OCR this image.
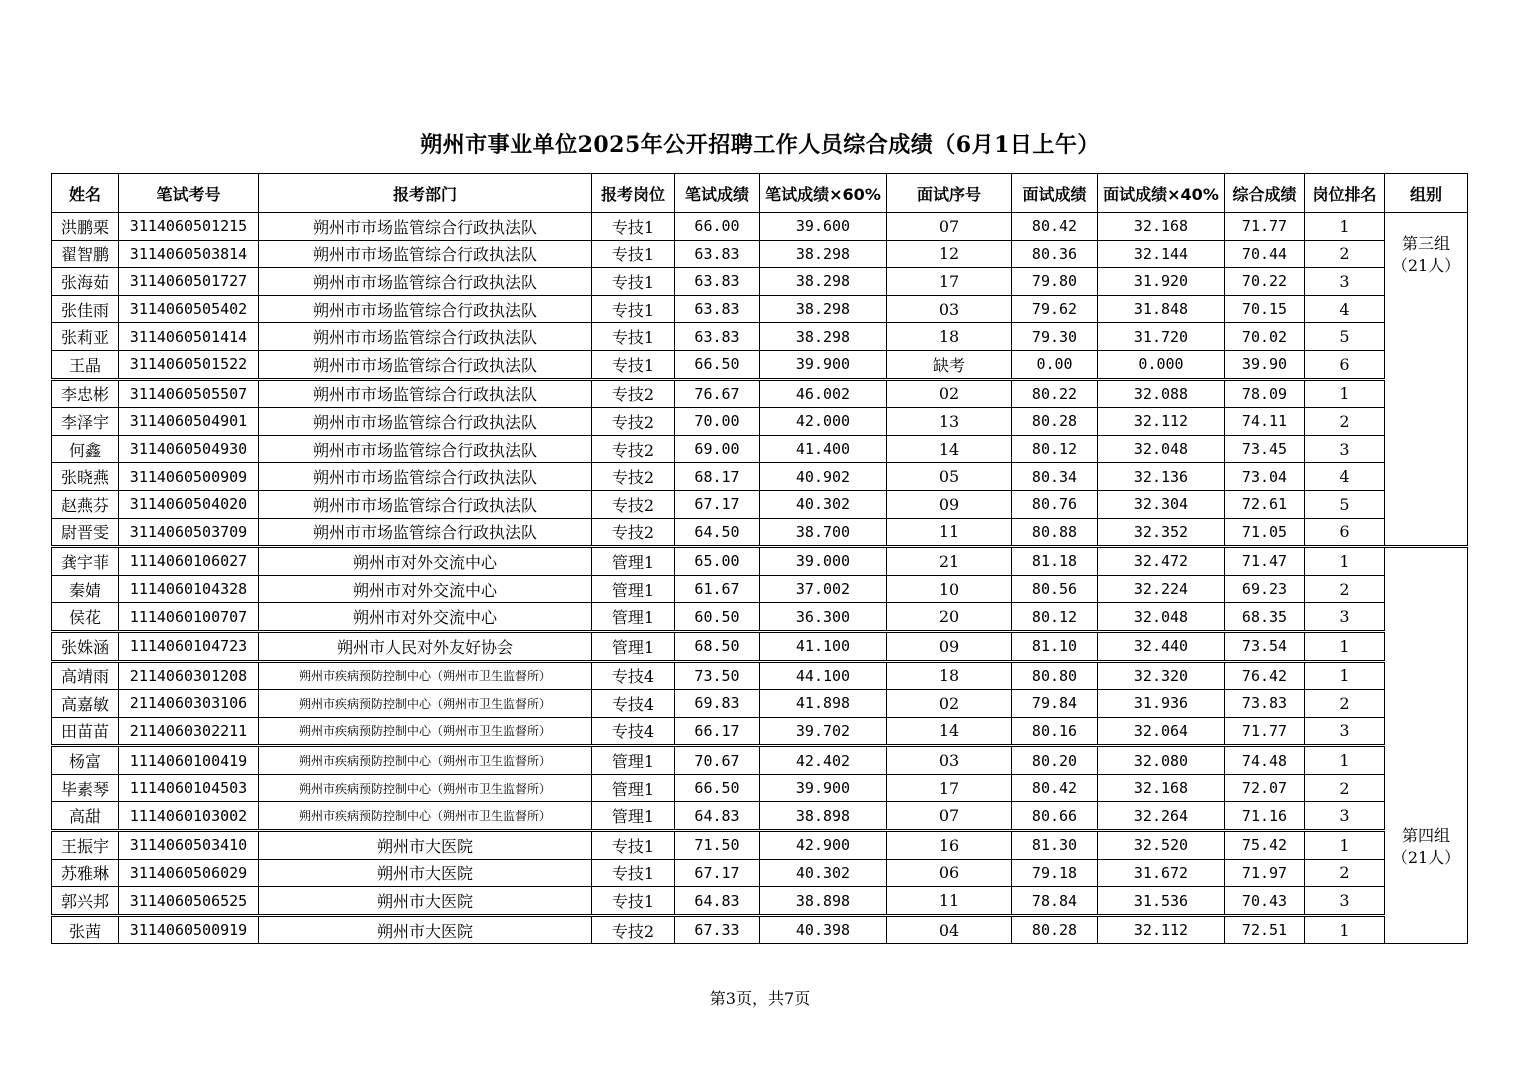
朔州市事业单位2025年公开招聘工作人员综合成绩（6月1日上午）
姓名	笔试考号	报考部门	报考岗位	笔试成绩	笔试成绩×60%	面试序号	面试成绩	面试成绩×40%	综合成绩	岗位排名	组别
洪鹏栗	3114060501215	朔州市市场监管综合行政执法队	专技1	66.00	39.600	07	80.42	32.168	71.77	1	第三组
（21人）

翟智鹏	3114060503814	朔州市市场监管综合行政执法队	专技1	63.83	38.298	12	80.36	32.144	70.44	2	
张海茹	3114060501727	朔州市市场监管综合行政执法队	专技1	63.83	38.298	17	79.80	31.920	70.22	3	
张佳雨	3114060505402	朔州市市场监管综合行政执法队	专技1	63.83	38.298	03	79.62	31.848	70.15	4	
张莉亚	3114060501414	朔州市市场监管综合行政执法队	专技1	63.83	38.298	18	79.30	31.720	70.02	5	
王晶	3114060501522	朔州市市场监管综合行政执法队	专技1	66.50	39.900	缺考	0.00	0.000	39.90	6	
李忠彬	3114060505507	朔州市市场监管综合行政执法队	专技2	76.67	46.002	02	80.22	32.088	78.09	1	
李泽宇	3114060504901	朔州市市场监管综合行政执法队	专技2	70.00	42.000	13	80.28	32.112	74.11	2	
何鑫	3114060504930	朔州市市场监管综合行政执法队	专技2	69.00	41.400	14	80.12	32.048	73.45	3	
张晓燕	3114060500909	朔州市市场监管综合行政执法队	专技2	68.17	40.902	05	80.34	32.136	73.04	4	
赵燕芬	3114060504020	朔州市市场监管综合行政执法队	专技2	67.17	40.302	09	80.76	32.304	72.61	5	
尉晋雯	3114060503709	朔州市市场监管综合行政执法队	专技2	64.50	38.700	11	80.88	32.352	71.05	6	
龚宇菲	1114060106027	朔州市对外交流中心	管理1	65.00	39.000	21	81.18	32.472	71.47	1	第四组
（21人）

秦婧	1114060104328	朔州市对外交流中心	管理1	61.67	37.002	10	80.56	32.224	69.23	2	
侯花	1114060100707	朔州市对外交流中心	管理1	60.50	36.300	20	80.12	32.048	68.35	3	
张姝涵	1114060104723	朔州市人民对外友好协会	管理1	68.50	41.100	09	81.10	32.440	73.54	1	
高靖雨	2114060301208	朔州市疾病预防控制中心（朔州市卫生监督所）	专技4	73.50	44.100	18	80.80	32.320	76.42	1	
高嘉敏	2114060303106	朔州市疾病预防控制中心（朔州市卫生监督所）	专技4	69.83	41.898	02	79.84	31.936	73.83	2	
田苗苗	2114060302211	朔州市疾病预防控制中心（朔州市卫生监督所）	专技4	66.17	39.702	14	80.16	32.064	71.77	3	
杨富	1114060100419	朔州市疾病预防控制中心（朔州市卫生监督所）	管理1	70.67	42.402	03	80.20	32.080	74.48	1	
毕素琴	1114060104503	朔州市疾病预防控制中心（朔州市卫生监督所）	管理1	66.50	39.900	17	80.42	32.168	72.07	2	
高甜	1114060103002	朔州市疾病预防控制中心（朔州市卫生监督所）	管理1	64.83	38.898	07	80.66	32.264	71.16	3	
王振宇	3114060503410	朔州市大医院	专技1	71.50	42.900	16	81.30	32.520	75.42	1	
苏雅琳	3114060506029	朔州市大医院	专技1	67.17	40.302	06	79.18	31.672	71.97	2	
郭兴邦	3114060506525	朔州市大医院	专技1	64.83	38.898	11	78.84	31.536	70.43	3	
张茜	3114060500919	朔州市大医院	专技2	67.33	40.398	04	80.28	32.112	72.51	1	
第3页，共7页
